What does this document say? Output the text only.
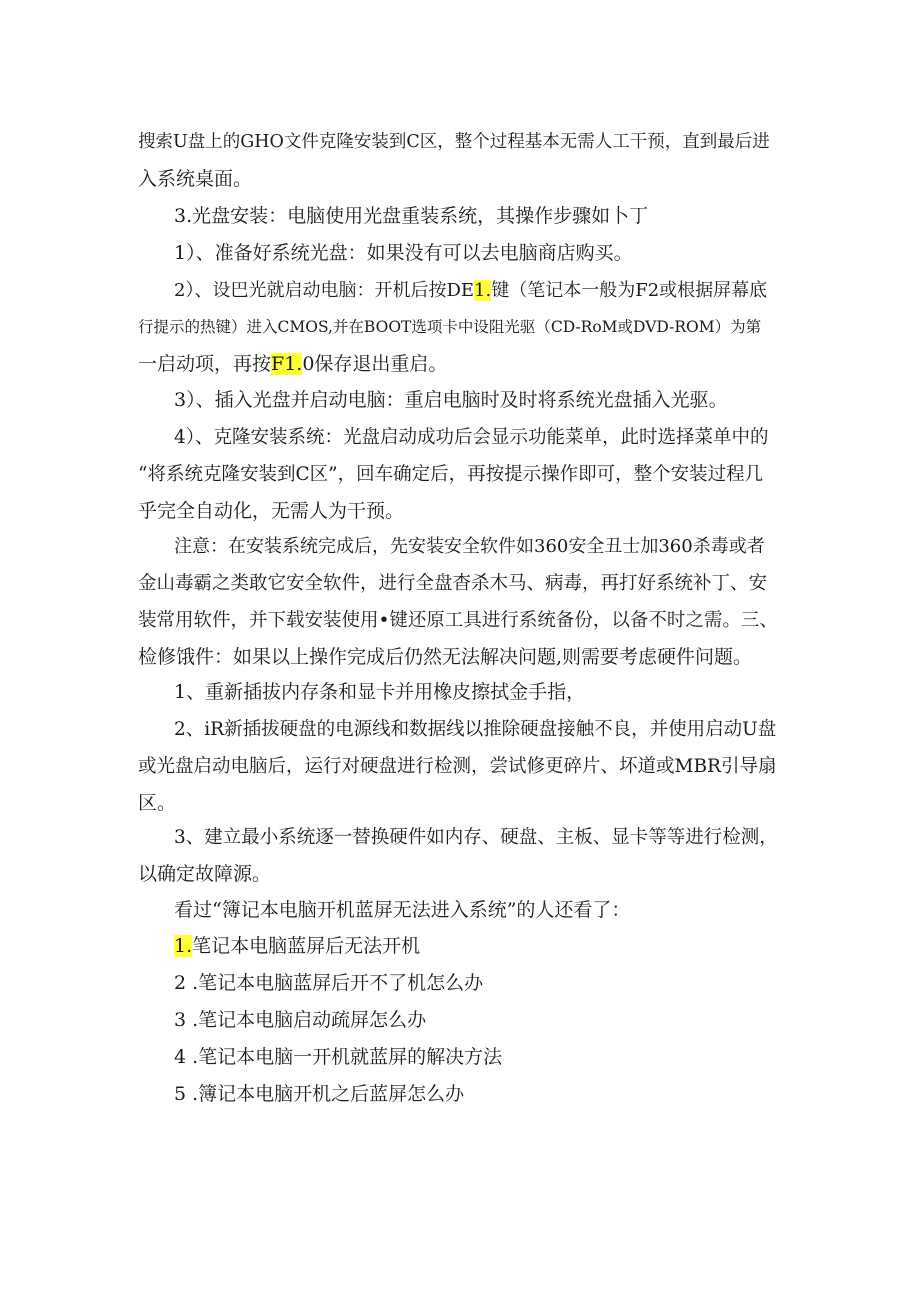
搜索U盘上的GHO文件克隆安装到C区，整个过程基本无需人工干预，直到最后进
入系统桌面。

3.光盘安装：电脑使用光盘重装系统，其操作步骤如卜丁

1）、准备好系统光盘：如果没有可以去电脑商店购买。

2）、设巴光就启动电脑：开机后按DE1.键（笔记本一般为F2或根据屏幕底
行提示的热键）进入CMOS,并在BOOT选项卡中设阻光驱（CD-RoM或DVD-ROM）为第
一启动项，再按F1.0保存退出重启。

3）、插入光盘并启动电脑：重启电脑时及时将系统光盘插入光驱。

4）、克隆安装系统：光盘启动成功后会显示功能菜单，此时选择菜单中的
“将系统克隆安装到C区”，回车确定后，再按提示操作即可，整个安装过程几
乎完全自动化，无需人为干预。

注意：在安装系统完成后，先安装安全软件如360安全丑士加360杀毒或者
金山毒霸之类敢它安全软件，进行全盘杳杀木马、病毒，再打好系统补丁、安
装常用软件，并下载安装使用•键还原工具进行系统备份，以备不时之需。三、
检修饿件：如果以上操作完成后仍然无法解决问题,则需要考虑硬件问题。

1、重新插拔内存条和显卡并用橡皮擦拭金手指，

2、iR新插拔硬盘的电源线和数据线以推除硬盘接触不良，并使用启动U盘
或光盘启动电脑后，运行对硬盘进行检测，尝试修更碎片、坏道或MBR引导扇
区。

3、建立最小系统逐一替换硬件如内存、硬盘、主板、显卡等等进行检测，
以确定故障源。

看过“簿记本电脑开机蓝屏无法进入系统”的人还看了：

1.笔记本电脑蓝屏后无法开机
2 .笔记本电脑蓝屏后开不了机怎么办
3 .笔记本电脑启动疏屏怎么办
4 .笔记本电脑一开机就蓝屏的解决方法
5 .簿记本电脑开机之后蓝屏怎么办
